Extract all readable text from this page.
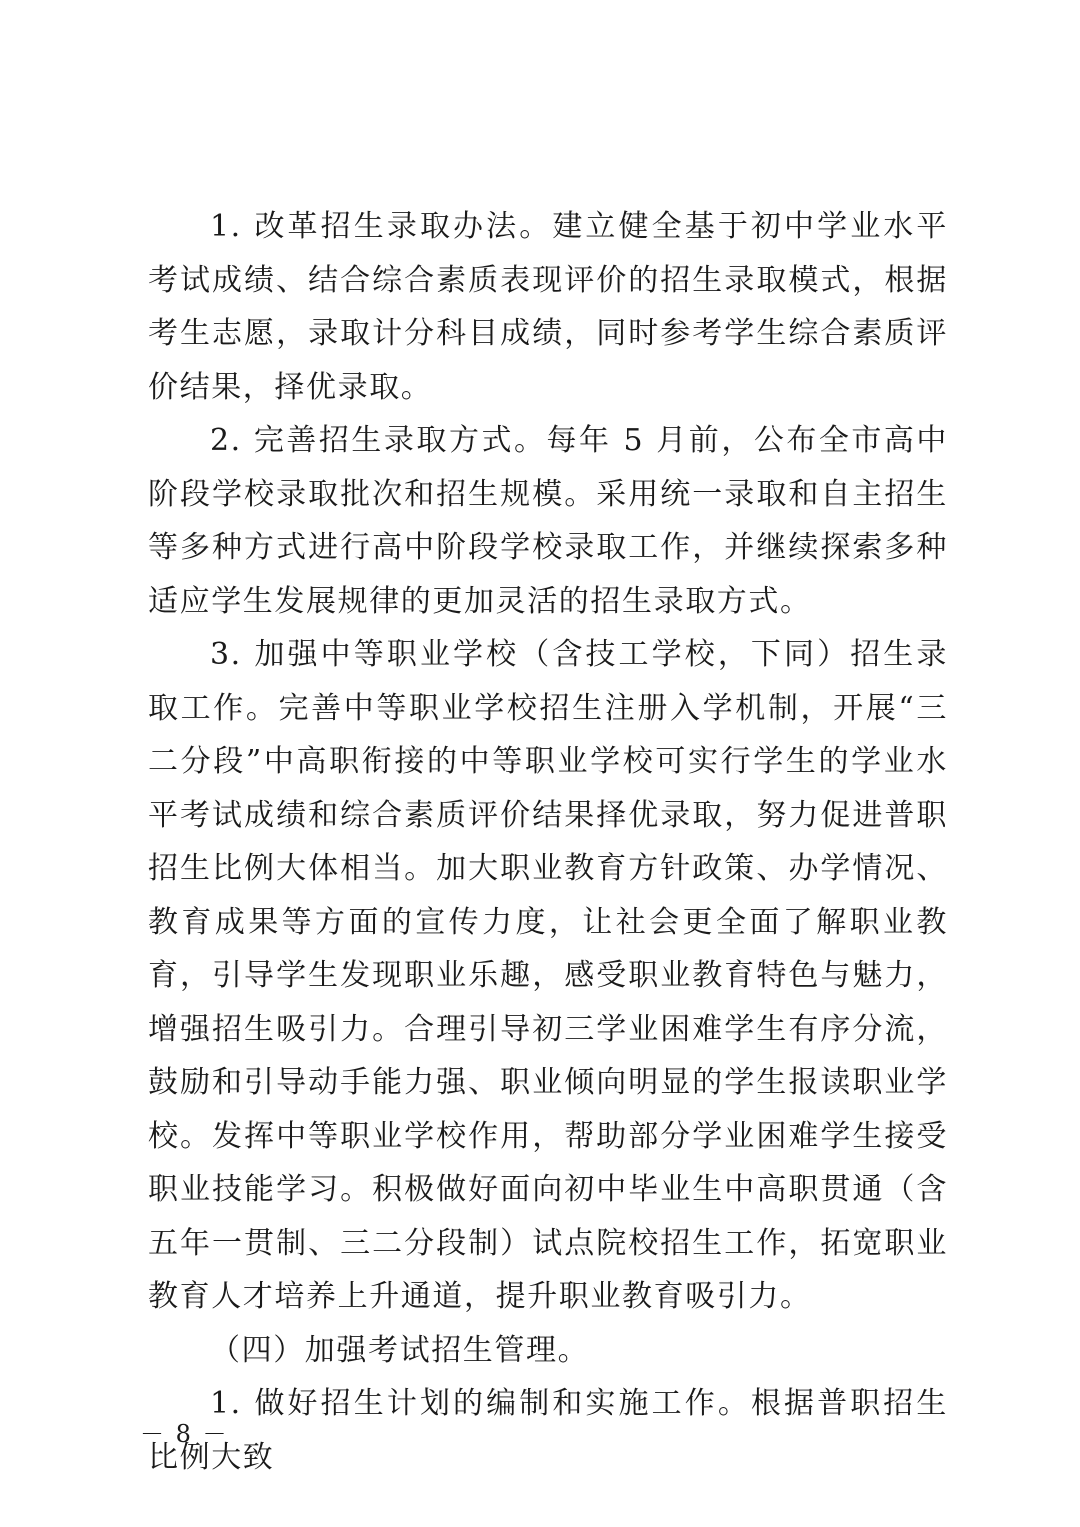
1. 改革招生录取办法。建立健全基于初中学业水平考试成绩、结合综合素质表现评价的招生录取模式，根据考生志愿，录取计分科目成绩，同时参考学生综合素质评价结果，择优录取。

2. 完善招生录取方式。每年 5 月前，公布全市高中阶段学校录取批次和招生规模。采用统一录取和自主招生等多种方式进行高中阶段学校录取工作，并继续探索多种适应学生发展规律的更加灵活的招生录取方式。

3. 加强中等职业学校（含技工学校，下同）招生录取工作。完善中等职业学校招生注册入学机制，开展“三二分段”中高职衔接的中等职业学校可实行学生的学业水平考试成绩和综合素质评价结果择优录取，努力促进普职招生比例大体相当。加大职业教育方针政策、办学情况、教育成果等方面的宣传力度，让社会更全面了解职业教育，引导学生发现职业乐趣，感受职业教育特色与魅力，增强招生吸引力。合理引导初三学业困难学生有序分流，鼓励和引导动手能力强、职业倾向明显的学生报读职业学校。发挥中等职业学校作用，帮助部分学业困难学生接受职业技能学习。积极做好面向初中毕业生中高职贯通（含五年一贯制、三二分段制）试点院校招生工作，拓宽职业教育人才培养上升通道，提升职业教育吸引力。

（四）加强考试招生管理。

1. 做好招生计划的编制和实施工作。根据普职招生比例大致

－ 8 －
